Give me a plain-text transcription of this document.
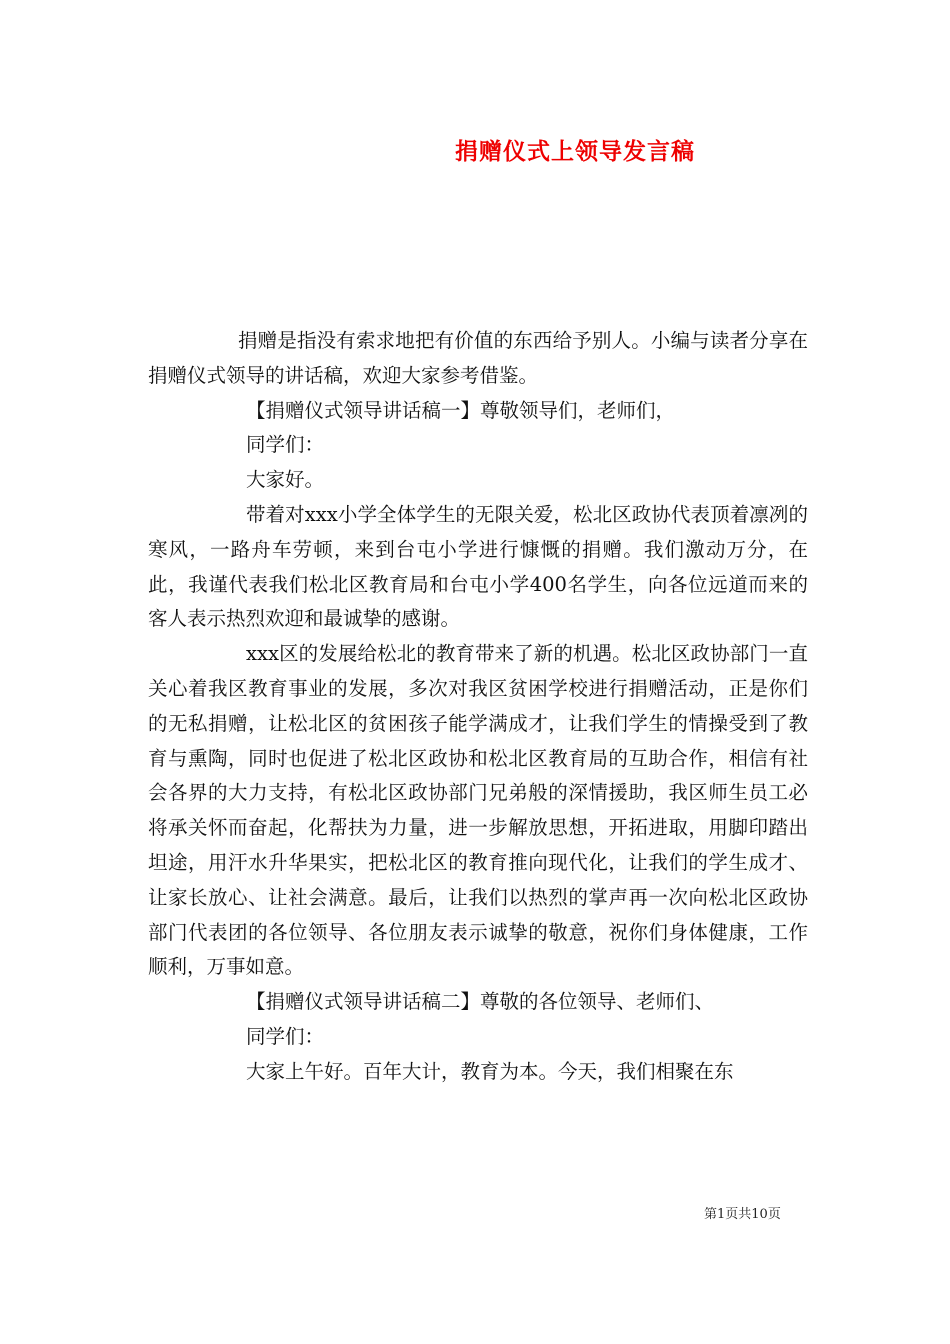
捐赠仪式上领导发言稿

捐赠是指没有索求地把有价值的东西给予别人。小编与读者分享在捐赠仪式领导的讲话稿，欢迎大家参考借鉴。

【捐赠仪式领导讲话稿一】尊敬领导们，老师们，

同学们：

大家好。

带着对xxx小学全体学生的无限关爱，松北区政协代表顶着凛冽的寒风，一路舟车劳顿，来到台屯小学进行慷慨的捐赠。我们激动万分，在此，我谨代表我们松北区教育局和台屯小学400名学生，向各位远道而来的客人表示热烈欢迎和最诚挚的感谢。

xxx区的发展给松北的教育带来了新的机遇。松北区政协部门一直关心着我区教育事业的发展，多次对我区贫困学校进行捐赠活动，正是你们的无私捐赠，让松北区的贫困孩子能学满成才，让我们学生的情操受到了教育与熏陶，同时也促进了松北区政协和松北区教育局的互助合作，相信有社会各界的大力支持，有松北区政协部门兄弟般的深情援助，我区师生员工必将承关怀而奋起，化帮扶为力量，进一步解放思想，开拓进取，用脚印踏出坦途，用汗水升华果实，把松北区的教育推向现代化，让我们的学生成才、让家长放心、让社会满意。最后，让我们以热烈的掌声再一次向松北区政协部门代表团的各位领导、各位朋友表示诚挚的敬意，祝你们身体健康，工作顺利，万事如意。

【捐赠仪式领导讲话稿二】尊敬的各位领导、老师们、

同学们：

大家上午好。百年大计，教育为本。今天，我们相聚在东

第1页共10页
